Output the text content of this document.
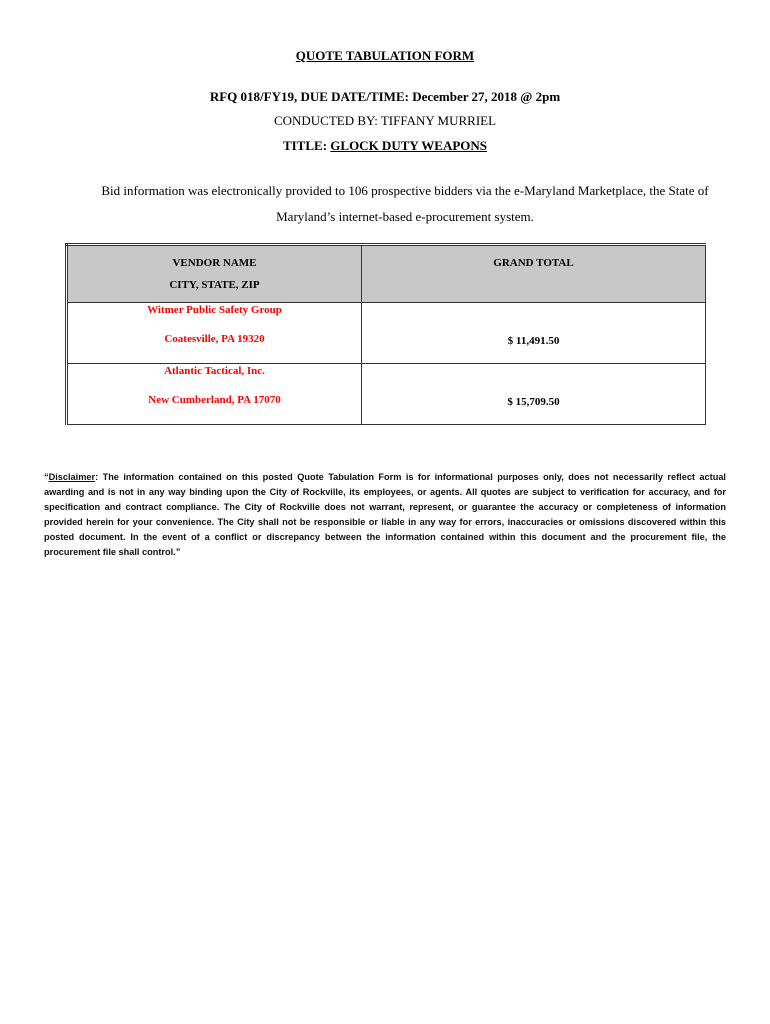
QUOTE TABULATION FORM
RFQ 018/FY19, DUE DATE/TIME: December 27, 2018 @ 2pm
CONDUCTED BY: TIFFANY MURRIEL
TITLE: GLOCK DUTY WEAPONS
Bid information was electronically provided to 106 prospective bidders via the e-Maryland Marketplace, the State of Maryland’s internet-based e-procurement system.
VENDOR NAME
CITY, STATE, ZIP	GRAND TOTAL

Witmer Public Safety Group
Coatesville, PA 19320	$ 11,491.50

Atlantic Tactical, Inc.
New Cumberland, PA 17070	$ 15,709.50
“Disclaimer: The information contained on this posted Quote Tabulation Form is for informational purposes only, does not necessarily reflect actual awarding and is not in any way binding upon the City of Rockville, its employees, or agents. All quotes are subject to verification for accuracy, and for specification and contract compliance. The City of Rockville does not warrant, represent, or guarantee the accuracy or completeness of information provided herein for your convenience. The City shall not be responsible or liable in any way for errors, inaccuracies or omissions discovered within this posted document. In the event of a conflict or discrepancy between the information contained within this document and the procurement file, the procurement file shall control.”
